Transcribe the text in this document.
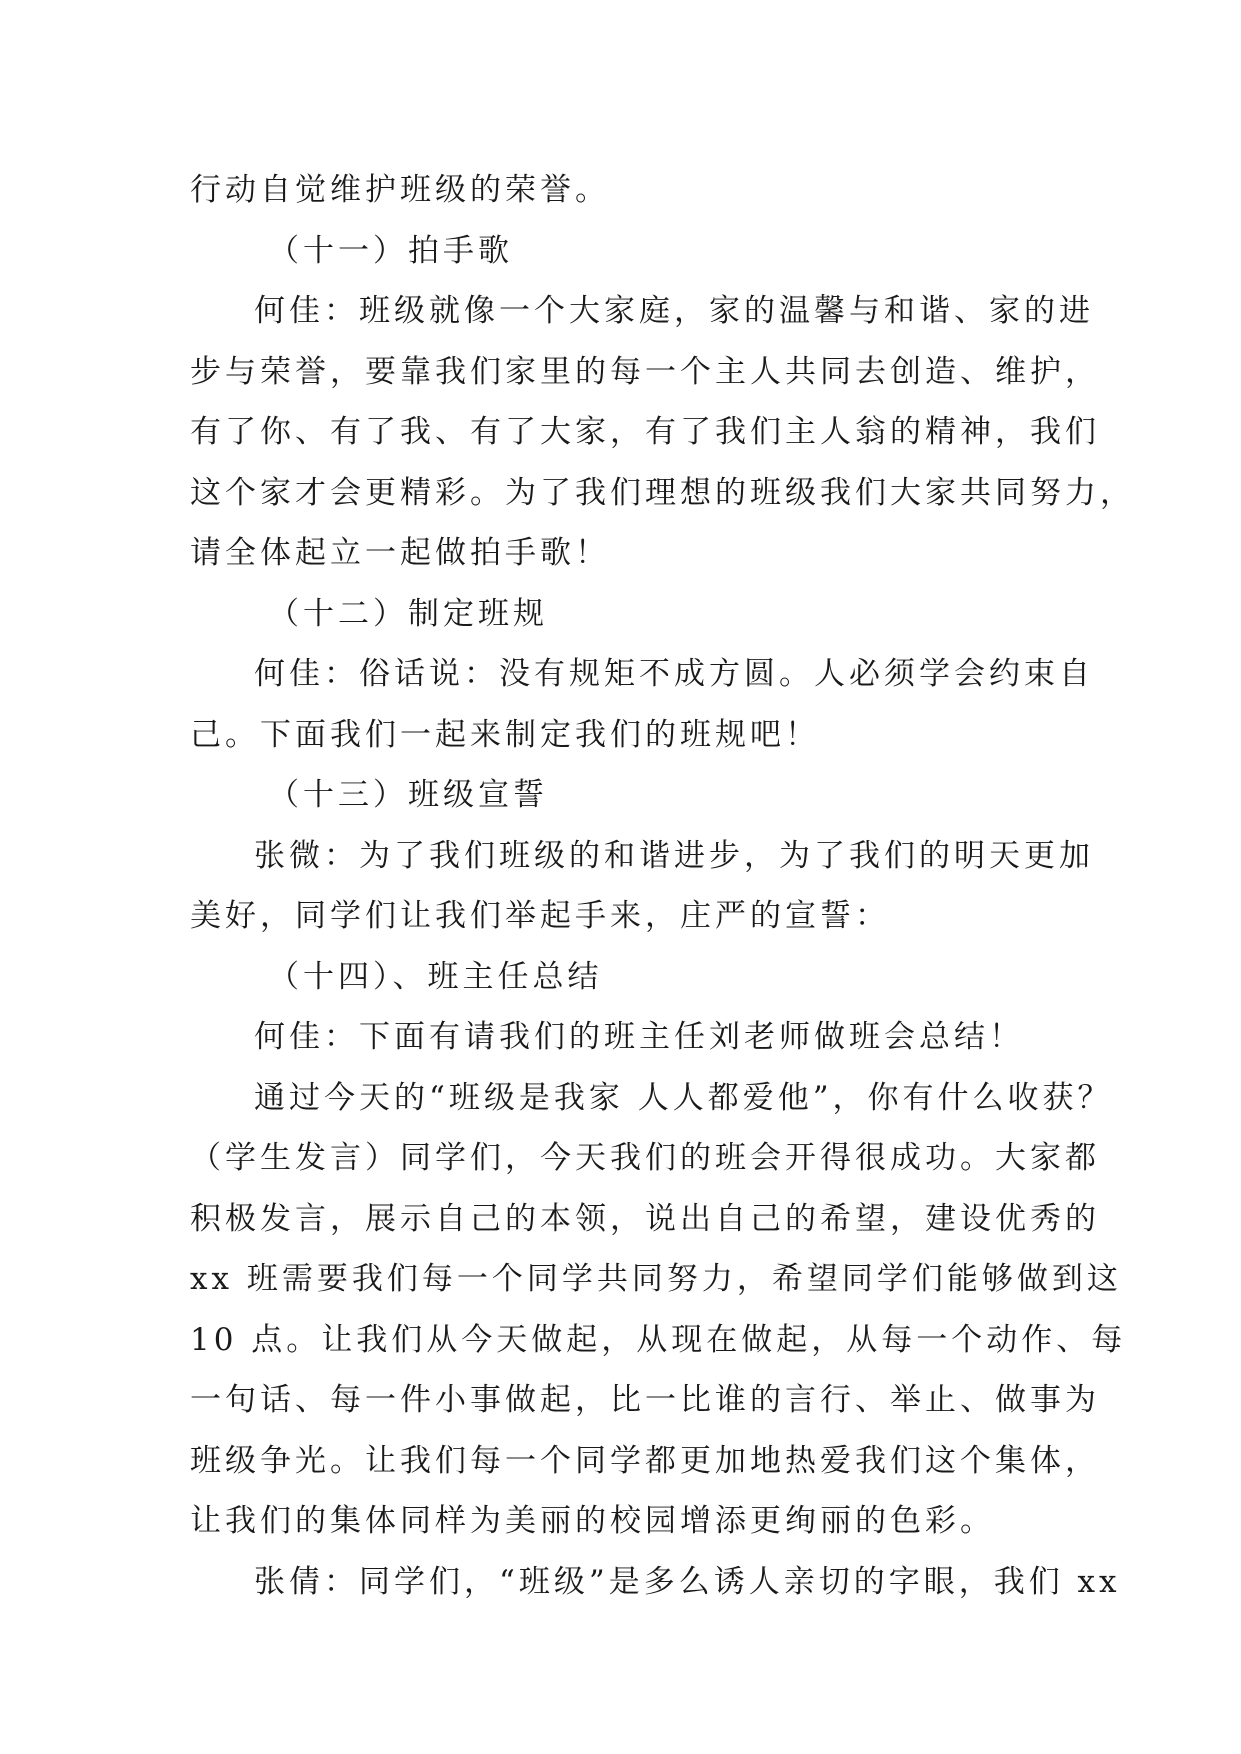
行动自觉维护班级的荣誉。

（十一）拍手歌

何佳：班级就像一个大家庭，家的温馨与和谐、家的进

步与荣誉，要靠我们家里的每一个主人共同去创造、维护，

有了你、有了我、有了大家，有了我们主人翁的精神，我们

这个家才会更精彩。为了我们理想的班级我们大家共同努力，

请全体起立一起做拍手歌！

（十二）制定班规

何佳：俗话说：没有规矩不成方圆。人必须学会约束自

己。下面我们一起来制定我们的班规吧！

（十三）班级宣誓

张微：为了我们班级的和谐进步，为了我们的明天更加

美好，同学们让我们举起手来，庄严的宣誓：

（十四）、班主任总结

何佳：下面有请我们的班主任刘老师做班会总结！

通过今天的“班级是我家 人人都爱他”，你有什么收获？

（学生发言）同学们，今天我们的班会开得很成功。大家都

积极发言，展示自己的本领，说出自己的希望，建设优秀的

xx 班需要我们每一个同学共同努力，希望同学们能够做到这

10 点。让我们从今天做起，从现在做起，从每一个动作、每

一句话、每一件小事做起，比一比谁的言行、举止、做事为

班级争光。让我们每一个同学都更加地热爱我们这个集体，

让我们的集体同样为美丽的校园增添更绚丽的色彩。

张倩：同学们，“班级”是多么诱人亲切的字眼，我们 xx
